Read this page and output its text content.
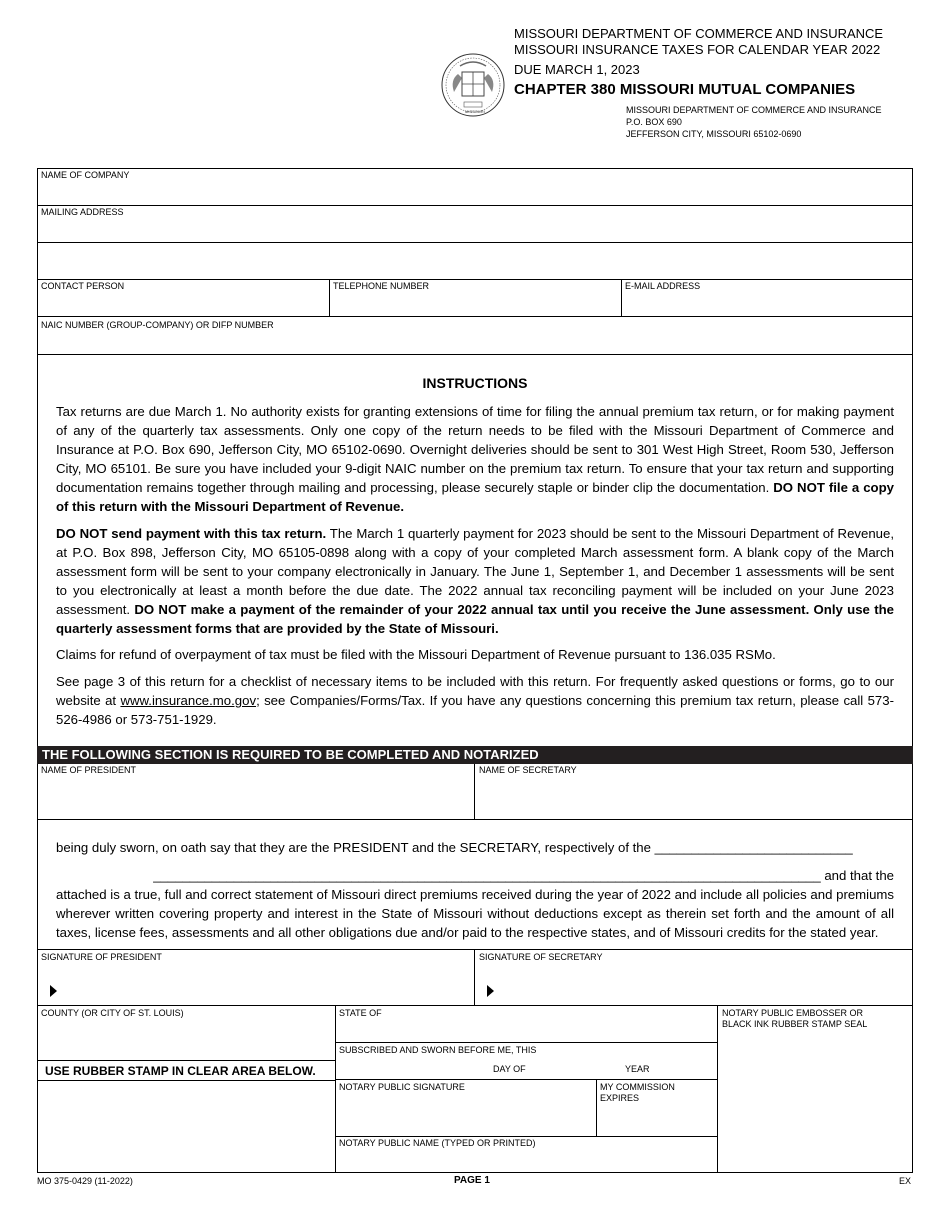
MISSOURI
MISSOURI DEPARTMENT OF COMMERCE AND INSURANCE
MISSOURI INSURANCE TAXES FOR CALENDAR YEAR 2022
DUE MARCH 1, 2023
CHAPTER 380 MISSOURI MUTUAL COMPANIES
MISSOURI DEPARTMENT OF COMMERCE AND INSURANCE
P.O. BOX 690
JEFFERSON CITY, MISSOURI 65102-0690
NAME OF COMPANY
MAILING ADDRESS
CONTACT PERSON	TELEPHONE NUMBER	E-MAIL ADDRESS
NAIC NUMBER (GROUP-COMPANY) OR DIFP NUMBER
INSTRUCTIONS

Tax returns are due March 1. No authority exists for granting extensions of time for filing the annual premium tax return, or for making payment of any of the quarterly tax assessments. Only one copy of the return needs to be filed with the Missouri Department of Commerce and Insurance at P.O. Box 690, Jefferson City, MO 65102-0690. Overnight deliveries should be sent to 301 West High Street, Room 530, Jefferson City, MO 65101. Be sure you have included your 9-digit NAIC number on the premium tax return. To ensure that your tax return and supporting documentation remains together through mailing and processing, please securely staple or binder clip the documentation. DO NOT file a copy of this return with the Missouri Department of Revenue.

DO NOT send payment with this tax return. The March 1 quarterly payment for 2023 should be sent to the Missouri Department of Revenue, at P.O. Box 898, Jefferson City, MO 65105-0898 along with a copy of your completed March assessment form. A blank copy of the March assessment form will be sent to your company electronically in January. The June 1, September 1, and December 1 assessments will be sent to you electronically at least a month before the due date. The 2022 annual tax reconciling payment will be included on your June 2023 assessment. DO NOT make a payment of the remainder of your 2022 annual tax until you receive the June assessment. Only use the quarterly assessment forms that are provided by the State of Missouri.

Claims for refund of overpayment of tax must be filed with the Missouri Department of Revenue pursuant to 136.035 RSMo.

See page 3 of this return for a checklist of necessary items to be included with this return. For frequently asked questions or forms, go to our website at www.insurance.mo.gov; see Companies/Forms/Tax. If you have any questions concerning this premium tax return, please call 573-526-4986 or 573-751-1929.

THE FOLLOWING SECTION IS REQUIRED TO BE COMPLETED AND NOTARIZED
NAME OF PRESIDENT	NAME OF SECRETARY
being duly sworn, on oath say that they are the PRESIDENT and the SECRETARY, respectively of the ___________________________
___________________________________________________________________________________________ and that the

attached is a true, full and correct statement of Missouri direct premiums received during the year of 2022 and include all policies and premiums wherever written covering property and interest in the State of Missouri without deductions except as therein set forth and the amount of all taxes, license fees, assessments and all other obligations due and/or paid to the respective states, and of Missouri credits for the stated year.

SIGNATURE OF PRESIDENT	SIGNATURE OF SECRETARY
COUNTY (OR CITY OF ST. LOUIS)	STATE OF	NOTARY PUBLIC EMBOSSER OR BLACK INK RUBBER STAMP SEAL
SUBSCRIBED AND SWORN BEFORE ME, THIS
DAY OF	YEAR
USE RUBBER STAMP IN CLEAR AREA BELOW.
NOTARY PUBLIC SIGNATURE	MY COMMISSION EXPIRES
NOTARY PUBLIC NAME (TYPED OR PRINTED)
MO 375-0429 (11-2022)	PAGE 1	EX
